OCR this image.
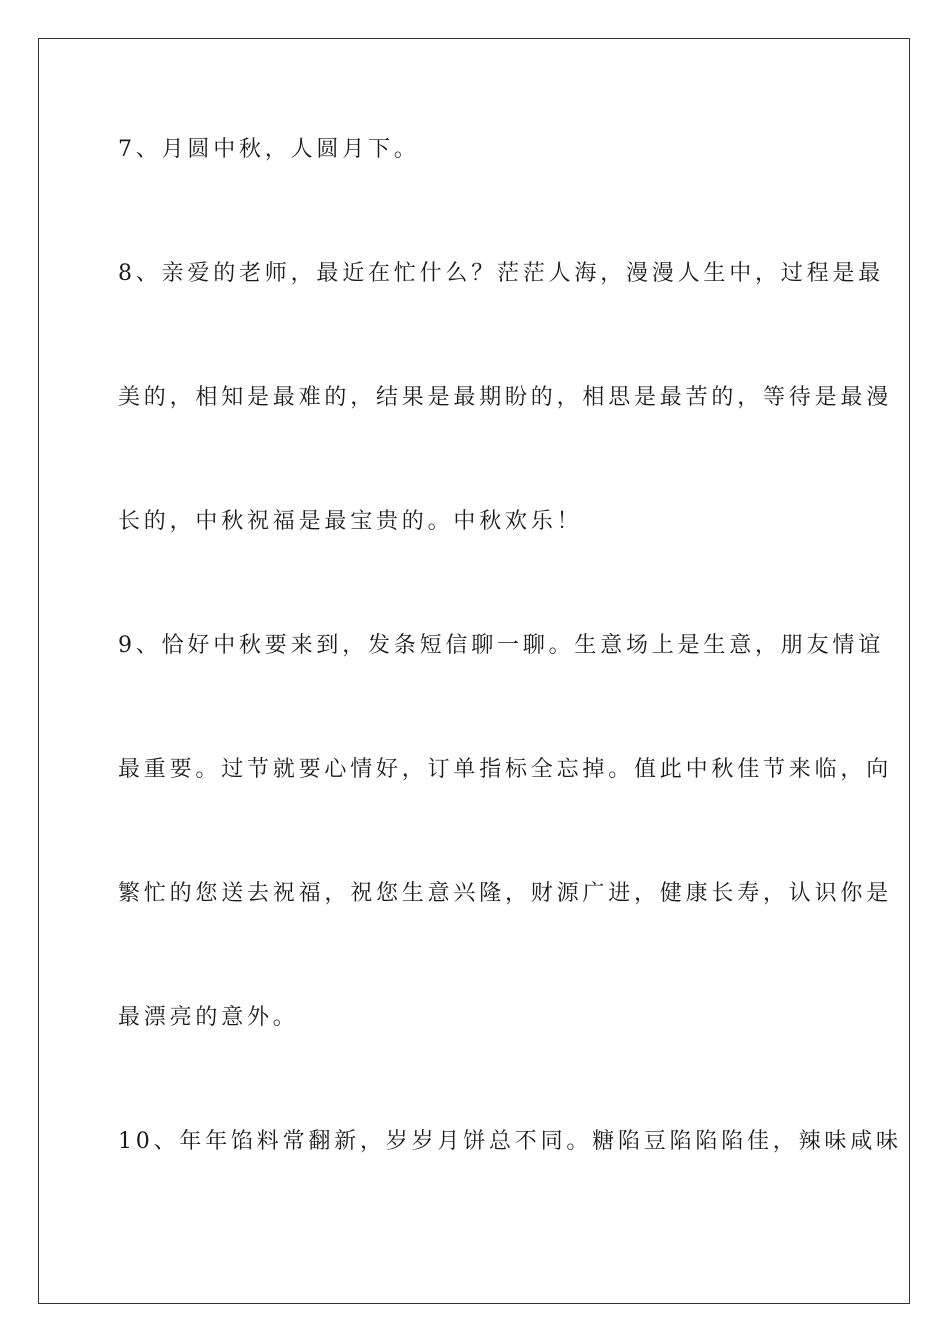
7、月圆中秋，人圆月下。

8、亲爱的老师，最近在忙什么？茫茫人海，漫漫人生中，过程是最

美的，相知是最难的，结果是最期盼的，相思是最苦的，等待是最漫

长的，中秋祝福是最宝贵的。中秋欢乐！

9、恰好中秋要来到，发条短信聊一聊。生意场上是生意，朋友情谊

最重要。过节就要心情好，订单指标全忘掉。值此中秋佳节来临，向

繁忙的您送去祝福，祝您生意兴隆，财源广进，健康长寿，认识你是

最漂亮的意外。

10、年年馅料常翻新，岁岁月饼总不同。糖陷豆陷陷陷佳，辣味咸味
